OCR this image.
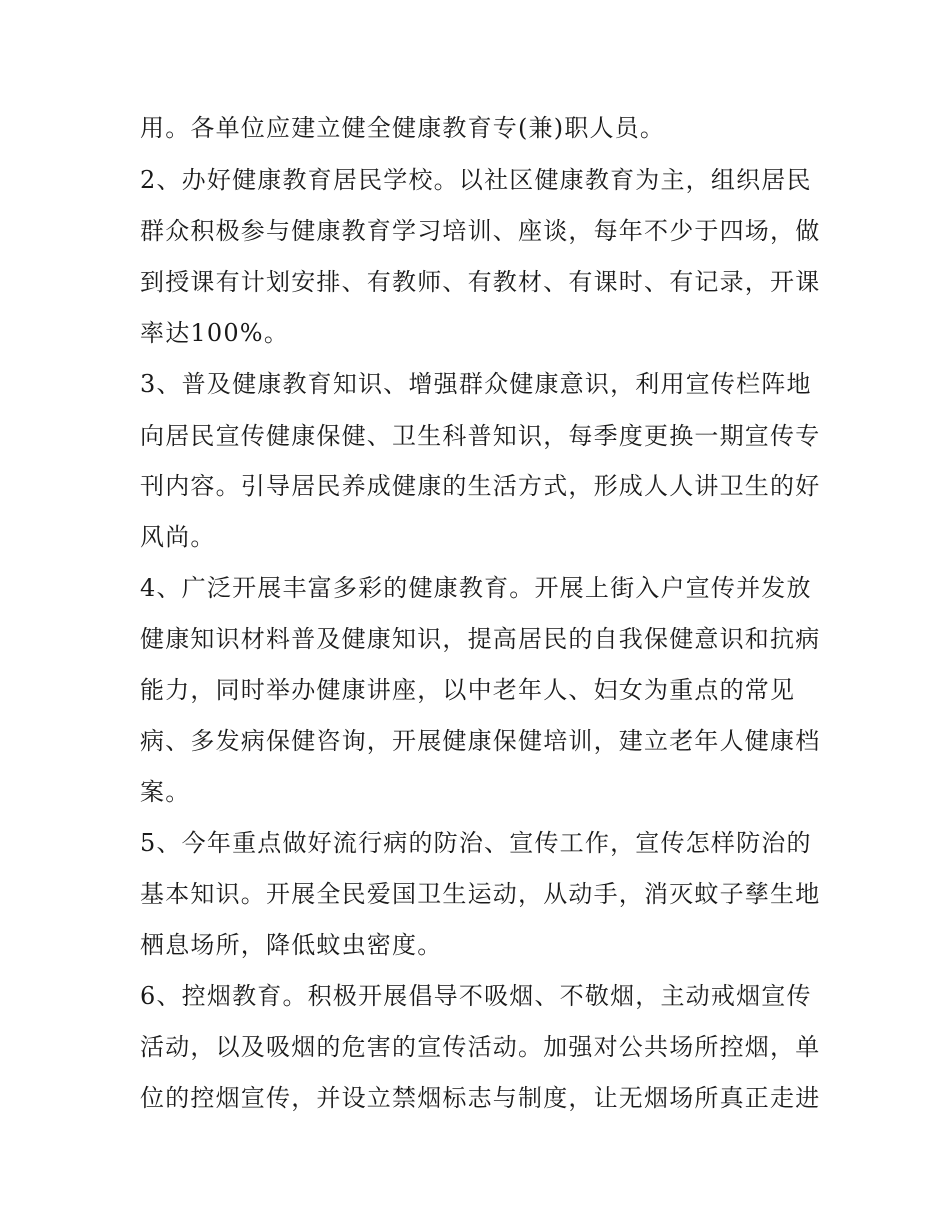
用。各单位应建立健全健康教育专(兼)职人员。
2、办好健康教育居民学校。以社区健康教育为主，组织居民
群众积极参与健康教育学习培训、座谈，每年不少于四场，做
到授课有计划安排、有教师、有教材、有课时、有记录，开课
率达100%。
3、普及健康教育知识、增强群众健康意识，利用宣传栏阵地
向居民宣传健康保健、卫生科普知识，每季度更换一期宣传专
刊内容。引导居民养成健康的生活方式，形成人人讲卫生的好
风尚。
4、广泛开展丰富多彩的健康教育。开展上街入户宣传并发放
健康知识材料普及健康知识，提高居民的自我保健意识和抗病
能力，同时举办健康讲座，以中老年人、妇女为重点的常见
病、多发病保健咨询，开展健康保健培训，建立老年人健康档
案。
5、今年重点做好流行病的防治、宣传工作，宣传怎样防治的
基本知识。开展全民爱国卫生运动，从动手，消灭蚊子孳生地
栖息场所，降低蚊虫密度。
6、控烟教育。积极开展倡导不吸烟、不敬烟，主动戒烟宣传
活动，以及吸烟的危害的宣传活动。加强对公共场所控烟，单
位的控烟宣传，并设立禁烟标志与制度，让无烟场所真正走进
